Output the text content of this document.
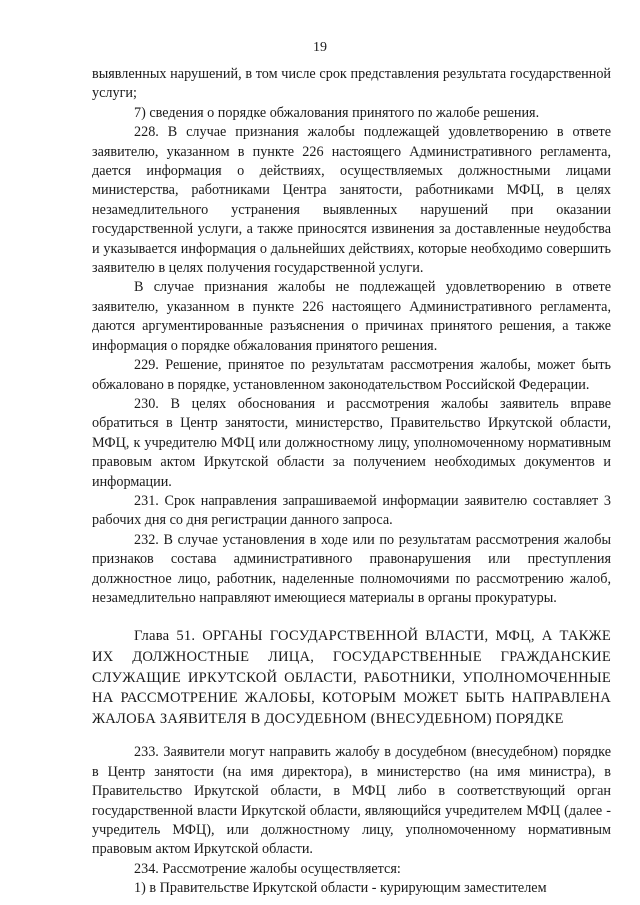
19

выявленных нарушений, в том числе срок представления результата государственной услуги;

7) сведения о порядке обжалования принятого по жалобе решения.

228. В случае признания жалобы подлежащей удовлетворению в ответе заявителю, указанном в пункте 226 настоящего Административного регламента, дается информация о действиях, осуществляемых должностными лицами министерства, работниками Центра занятости, работниками МФЦ, в целях незамедлительного устранения выявленных нарушений при оказании государственной услуги, а также приносятся извинения за доставленные неудобства и указывается информация о дальнейших действиях, которые необходимо совершить заявителю в целях получения государственной услуги.

В случае признания жалобы не подлежащей удовлетворению в ответе заявителю, указанном в пункте 226 настоящего Административного регламента, даются аргументированные разъяснения о причинах принятого решения, а также информация о порядке обжалования принятого решения.

229. Решение, принятое по результатам рассмотрения жалобы, может быть обжаловано в порядке, установленном законодательством Российской Федерации.

230. В целях обоснования и рассмотрения жалобы заявитель вправе обратиться в Центр занятости, министерство, Правительство Иркутской области, МФЦ, к учредителю МФЦ или должностному лицу, уполномоченному нормативным правовым актом Иркутской области за получением необходимых документов и информации.

231. Срок направления запрашиваемой информации заявителю составляет 3 рабочих дня со дня регистрации данного запроса.

232. В случае установления в ходе или по результатам рассмотрения жалобы признаков состава административного правонарушения или преступления должностное лицо, работник, наделенные полномочиями по рассмотрению жалоб, незамедлительно направляют имеющиеся материалы в органы прокуратуры.

Глава 51. ОРГАНЫ ГОСУДАРСТВЕННОЙ ВЛАСТИ, МФЦ, А ТАКЖЕ ИХ ДОЛЖНОСТНЫЕ ЛИЦА, ГОСУДАРСТВЕННЫЕ ГРАЖДАНСКИЕ СЛУЖАЩИЕ ИРКУТСКОЙ ОБЛАСТИ, РАБОТНИКИ, УПОЛНОМОЧЕННЫЕ НА РАССМОТРЕНИЕ ЖАЛОБЫ, КОТОРЫМ МОЖЕТ БЫТЬ НАПРАВЛЕНА ЖАЛОБА ЗАЯВИТЕЛЯ В ДОСУДЕБНОМ (ВНЕСУДЕБНОМ) ПОРЯДКЕ

233. Заявители могут направить жалобу в досудебном (внесудебном) порядке в Центр занятости (на имя директора), в министерство (на имя министра), в Правительство Иркутской области, в МФЦ либо в соответствующий орган государственной власти Иркутской области, являющийся учредителем МФЦ (далее - учредитель МФЦ), или должностному лицу, уполномоченному нормативным правовым актом Иркутской области.

234. Рассмотрение жалобы осуществляется:

1) в Правительстве Иркутской области - курирующим заместителем
